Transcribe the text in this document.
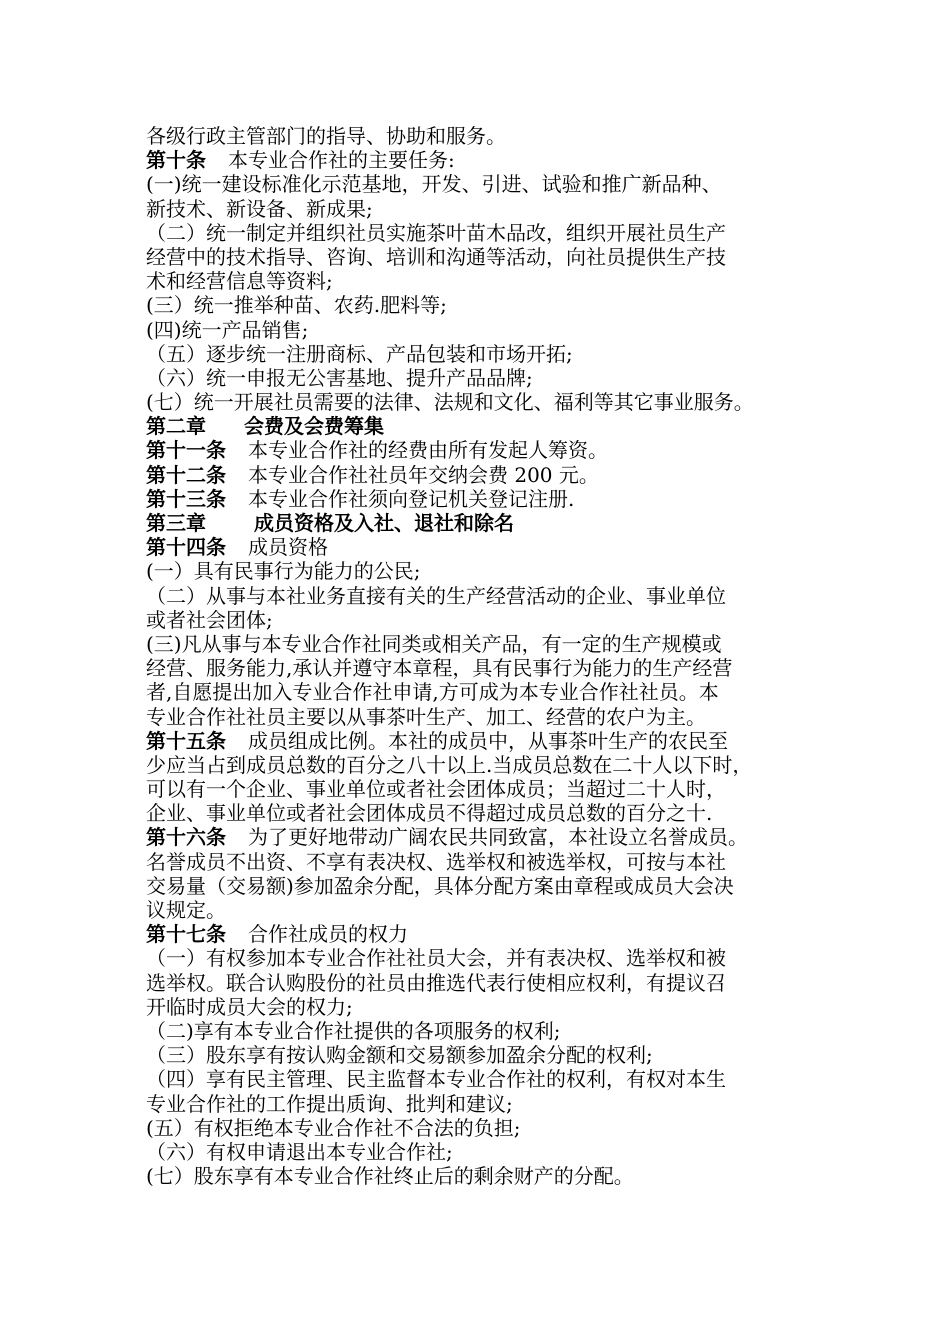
各级行政主管部门的指导、协助和服务。
第十条 本专业合作社的主要任务:
(一)统一建设标准化示范基地，开发、引进、试验和推广新品种、
新技术、新设备、新成果;
（二）统一制定并组织社员实施茶叶苗木品改，组织开展社员生产
经营中的技术指导、咨询、培训和沟通等活动，向社员提供生产技
术和经营信息等资料;
(三）统一推举种苗、农药.肥料等;
(四)统一产品销售;
（五）逐步统一注册商标、产品包装和市场开拓;
（六）统一申报无公害基地、提升产品品牌;
(七）统一开展社员需要的法律、法规和文化、福利等其它事业服务。
第二章 会费及会费筹集
第十一条 本专业合作社的经费由所有发起人筹资。
第十二条 本专业合作社社员年交纳会费 200 元。
第十三条 本专业合作社须向登记机关登记注册.
第三章 成员资格及入社、退社和除名
第十四条 成员资格
(一）具有民事行为能力的公民;
（二）从事与本社业务直接有关的生产经营活动的企业、事业单位
或者社会团体;
(三)凡从事与本专业合作社同类或相关产品，有一定的生产规模或
经营、服务能力,承认并遵守本章程，具有民事行为能力的生产经营
者,自愿提出加入专业合作社申请,方可成为本专业合作社社员。本
专业合作社社员主要以从事茶叶生产、加工、经营的农户为主。
第十五条 成员组成比例。本社的成员中，从事茶叶生产的农民至
少应当占到成员总数的百分之八十以上.当成员总数在二十人以下时，
可以有一个企业、事业单位或者社会团体成员；当超过二十人时，
企业、事业单位或者社会团体成员不得超过成员总数的百分之十.
第十六条 为了更好地带动广阔农民共同致富，本社设立名誉成员。
名誉成员不出资、不享有表决权、选举权和被选举权，可按与本社
交易量（交易额)参加盈余分配，具体分配方案由章程或成员大会决
议规定。
第十七条 合作社成员的权力
（一）有权参加本专业合作社社员大会，并有表决权、选举权和被
选举权。联合认购股份的社员由推选代表行使相应权利，有提议召
开临时成员大会的权力;
（二)享有本专业合作社提供的各项服务的权利;
（三）股东享有按认购金额和交易额参加盈余分配的权利;
（四）享有民主管理、民主监督本专业合作社的权利，有权对本生
专业合作社的工作提出质询、批判和建议;
(五）有权拒绝本专业合作社不合法的负担;
（六）有权申请退出本专业合作社;
(七）股东享有本专业合作社终止后的剩余财产的分配。
